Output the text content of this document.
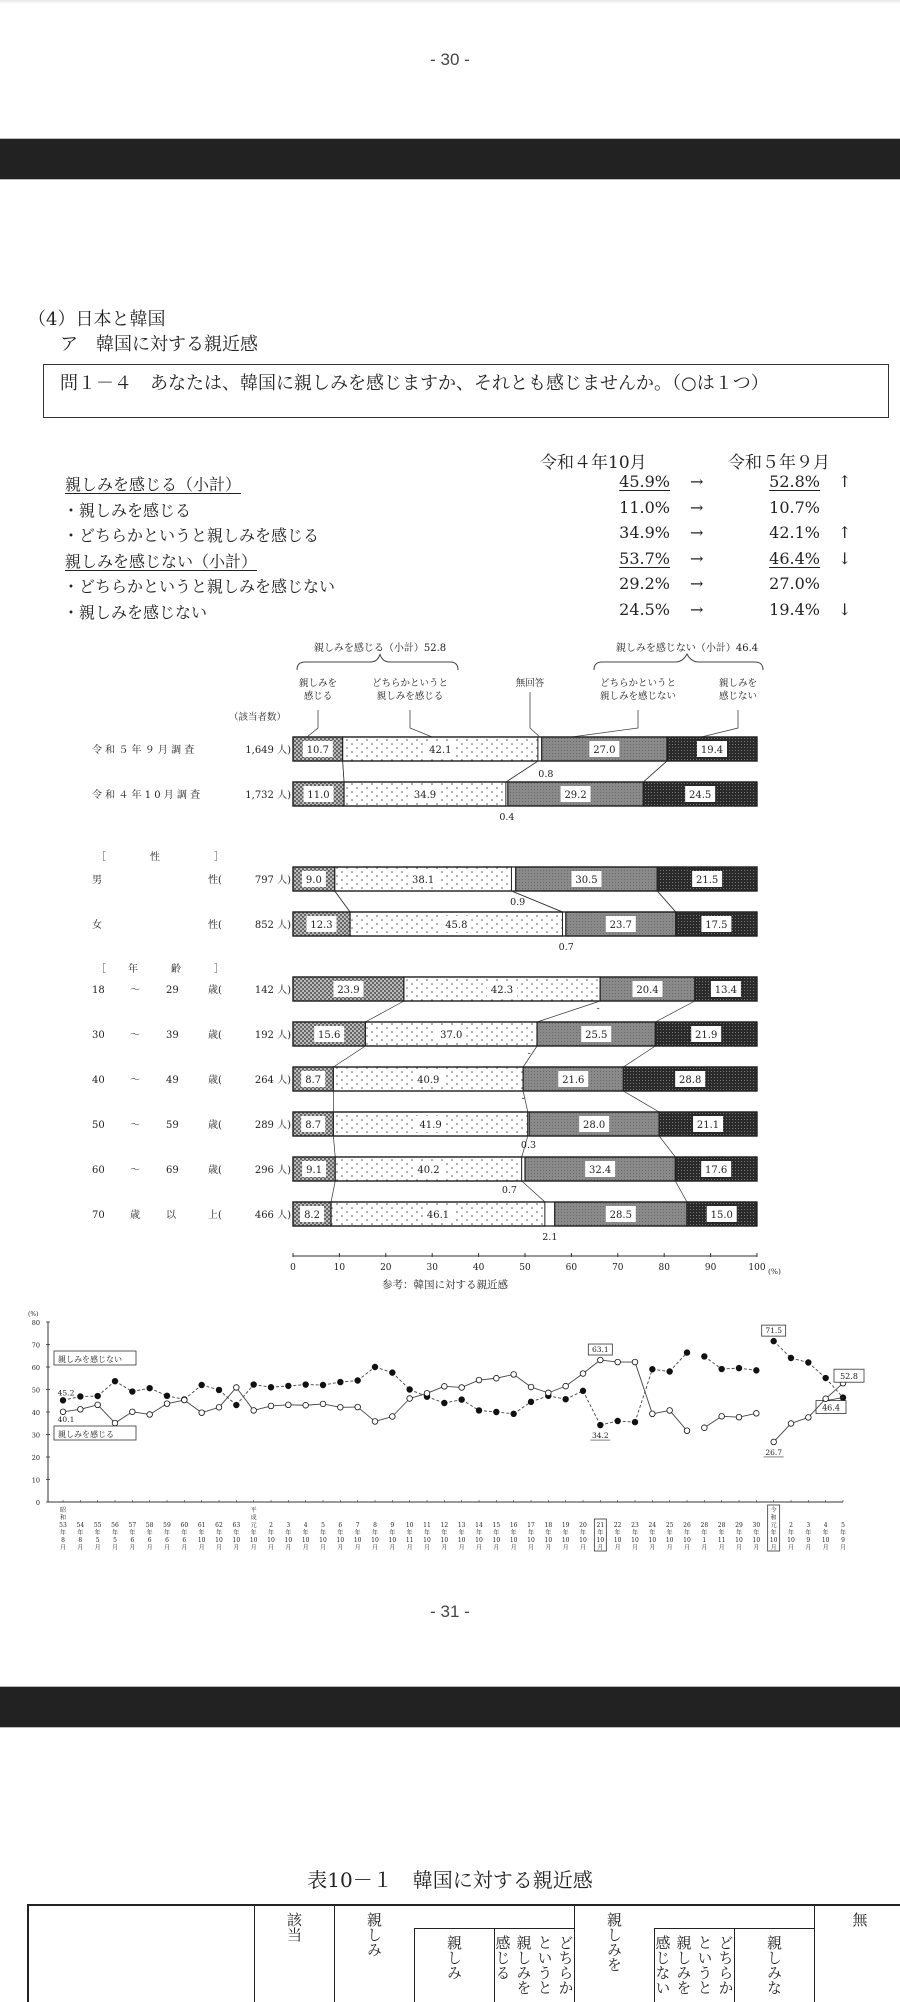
- 30 -
（4）日本と韓国
ア　韓国に対する親近感
問１－４　あなたは、韓国に親しみを感じますか、それとも感じませんか。（○は１つ）
令和４年10月	令和５年９月
親しみを感じる（小計）	45.9% →	52.8% ↑
・親しみを感じる	11.0% →	10.7%
・どちらかというと親しみを感じる	34.9% →	42.1% ↑
親しみを感じない（小計）	53.7% →	46.4% ↓
・どちらかというと親しみを感じない	29.2% →	27.0%
・親しみを感じない	24.5% →	19.4% ↓
親しみを感じる（小計）52.8	親しみを感じない（小計）46.4
親しみを
感じる
どちらかというと
親しみを感じる
無回答	どちらかというと
親しみを感じない
親しみを
感じない
（該当者数）
［	性	］
［ 年	齢	］
令 和 ５ 年 ９ 月 調 査	1,649 人) 10.7	42.1	27.0	19.4
0.8
令 和 ４ 年 1 0 月 調 査	1,732 人) 11.0	34.9	29.2	24.5
0.4
男	性(	797 人) 9.0	38.1	30.5	21.5
0.9
女	性(	852 人) 12.3	45.8	23.7	17.5
0.7
18	～	29	歳(	142 人)	23.9	42.3	20.4	13.4
-
30	～	39	歳(	192 人)	15.6	37.0	25.5	21.9
-
40	～	49	歳(	264 人) 8.7	40.9	21.6	28.8
-
50	～	59	歳(	289 人) 8.7	41.9	28.0	21.1
0.3
60	～	69	歳(	296 人) 9.1	40.2	32.4	17.6
0.7
70	歳	以	上(	466 人) 8.2	46.1	28.5	15.0
2.1
0	10	20	30	40	50	60	70	80	90	100 (%)
参考：韓国に対する親近感
(%)
0
10
20
30
40
50
60
70
80
昭
和
53
年
8
月
54
年
8
月
55
年
5
月
56
年
5
月
57
年
6
月
58
年
6
月
59
年
6
月
60
年
6
月
61
年
10
月
62
年
10
月
63
年
10
月
平
成
元
年
10
月
2
年
10
月
3
年
10
月
4
年
10
月
5
年
10
月
6
年
10
月
7
年
10
月
8
年
10
月
9
年
10
月
10
年
11
月
11
年
10
月
12
年
10
月
13
年
10
月
14
年
10
月
15
年
10
月
16
年
10
月
17
年
10
月
18
年
10
月
19
年
10
月
20
年
10
月
21
年
10
月
22
年
10
月
23
年
10
月
24
年
10
月
25
年
10
月
26
年
10
月
28
年
1
月
28
年
11
月
29
年
10
月
30
年
10
月
令
和
元
年
10
月
2
年
10
月
3
年
9
月
4
年
10
月
5
年
9
月
45.2
34.2
71.5
46.4
親しみを感じない
40.1
63.1
26.7
52.8
親しみを感じる
- 31 -
表10－１　韓国に対する親近感
該当	親しみ
親しみ	どちらかというと親しみを感じる	親しみを	どちらかというと親しみを感じない	親しみな
無
